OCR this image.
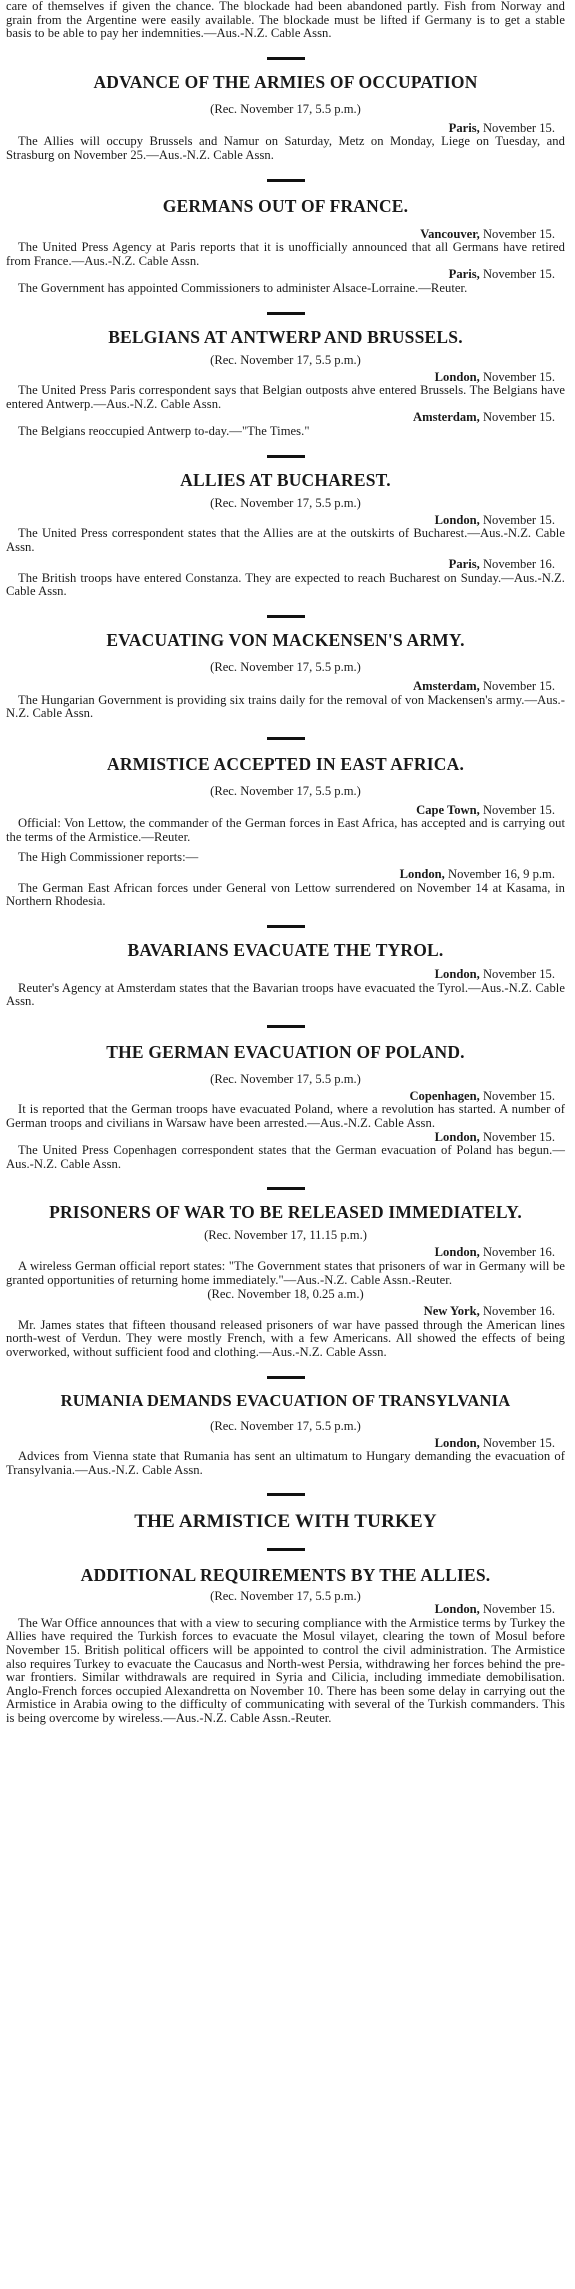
care of themselves if given the chance. The blockade had been abandoned partly. Fish from Norway and grain from the Argentine were easily available. The blockade must be lifted if Germany is to get a stable basis to be able to pay her indemnities.—Aus.-N.Z. Cable Assn.

ADVANCE OF THE ARMIES OF OCCUPATION

(Rec. November 17, 5.5 p.m.)

Paris, November 15.

The Allies will occupy Brussels and Namur on Saturday, Metz on Monday, Liege on Tuesday, and Strasburg on November 25.—Aus.-N.Z. Cable Assn.

GERMANS OUT OF FRANCE.

Vancouver, November 15.

The United Press Agency at Paris reports that it is unofficially announced that all Germans have retired from France.—Aus.-N.Z. Cable Assn.

Paris, November 15.

The Government has appointed Commissioners to administer Alsace-Lorraine.—Reuter.

BELGIANS AT ANTWERP AND BRUSSELS.

(Rec. November 17, 5.5 p.m.)

London, November 15.

The United Press Paris correspondent says that Belgian outposts ahve entered Brussels. The Belgians have entered Antwerp.—Aus.-N.Z. Cable Assn.

Amsterdam, November 15.

The Belgians reoccupied Antwerp to-day.—"The Times."

ALLIES AT BUCHAREST.

(Rec. November 17, 5.5 p.m.)

London, November 15.

The United Press correspondent states that the Allies are at the outskirts of Bucharest.—Aus.-N.Z. Cable Assn.

Paris, November 16.

The British troops have entered Constanza. They are expected to reach Bucharest on Sunday.—Aus.-N.Z. Cable Assn.

EVACUATING VON MACKENSEN'S ARMY.

(Rec. November 17, 5.5 p.m.)

Amsterdam, November 15.

The Hungarian Government is providing six trains daily for the removal of von Mackensen's army.—Aus.-N.Z. Cable Assn.

ARMISTICE ACCEPTED IN EAST AFRICA.

(Rec. November 17, 5.5 p.m.)

Cape Town, November 15.

Official: Von Lettow, the commander of the German forces in East Africa, has accepted and is carrying out the terms of the Armistice.—Reuter.

The High Commissioner reports:—

London, November 16, 9 p.m.

The German East African forces under General von Lettow surrendered on November 14 at Kasama, in Northern Rhodesia.

BAVARIANS EVACUATE THE TYROL.

London, November 15.

Reuter's Agency at Amsterdam states that the Bavarian troops have evacuated the Tyrol.—Aus.-N.Z. Cable Assn.

THE GERMAN EVACUATION OF POLAND.

(Rec. November 17, 5.5 p.m.)

Copenhagen, November 15.

It is reported that the German troops have evacuated Poland, where a revolution has started. A number of German troops and civilians in Warsaw have been arrested.—Aus.-N.Z. Cable Assn.

London, November 15.

The United Press Copenhagen correspondent states that the German evacuation of Poland has begun.—Aus.-N.Z. Cable Assn.

PRISONERS OF WAR TO BE RELEASED IMMEDIATELY.

(Rec. November 17, 11.15 p.m.)

London, November 16.

A wireless German official report states: "The Government states that prisoners of war in Germany will be granted opportunities of returning home immediately."—Aus.-N.Z. Cable Assn.-Reuter.

(Rec. November 18, 0.25 a.m.)

New York, November 16.

Mr. James states that fifteen thousand released prisoners of war have passed through the American lines north-west of Verdun. They were mostly French, with a few Americans. All showed the effects of being overworked, without sufficient food and clothing.—Aus.-N.Z. Cable Assn.

RUMANIA DEMANDS EVACUATION OF TRANSYLVANIA

(Rec. November 17, 5.5 p.m.)

London, November 15.

Advices from Vienna state that Rumania has sent an ultimatum to Hungary demanding the evacuation of Transylvania.—Aus.-N.Z. Cable Assn.

THE ARMISTICE WITH TURKEY
ADDITIONAL REQUIREMENTS BY THE ALLIES.

(Rec. November 17, 5.5 p.m.)

London, November 15.

The War Office announces that with a view to securing compliance with the Armistice terms by Turkey the Allies have required the Turkish forces to evacuate the Mosul vilayet, clearing the town of Mosul before November 15. British political officers will be appointed to control the civil administration. The Armistice also requires Turkey to evacuate the Caucasus and North-west Persia, withdrawing her forces behind the pre-war frontiers. Similar withdrawals are required in Syria and Cilicia, including immediate demobilisation. Anglo-French forces occupied Alexandretta on November 10. There has been some delay in carrying out the Armistice in Arabia owing to the difficulty of communicating with several of the Turkish commanders. This is being overcome by wireless.—Aus.-N.Z. Cable Assn.-Reuter.
